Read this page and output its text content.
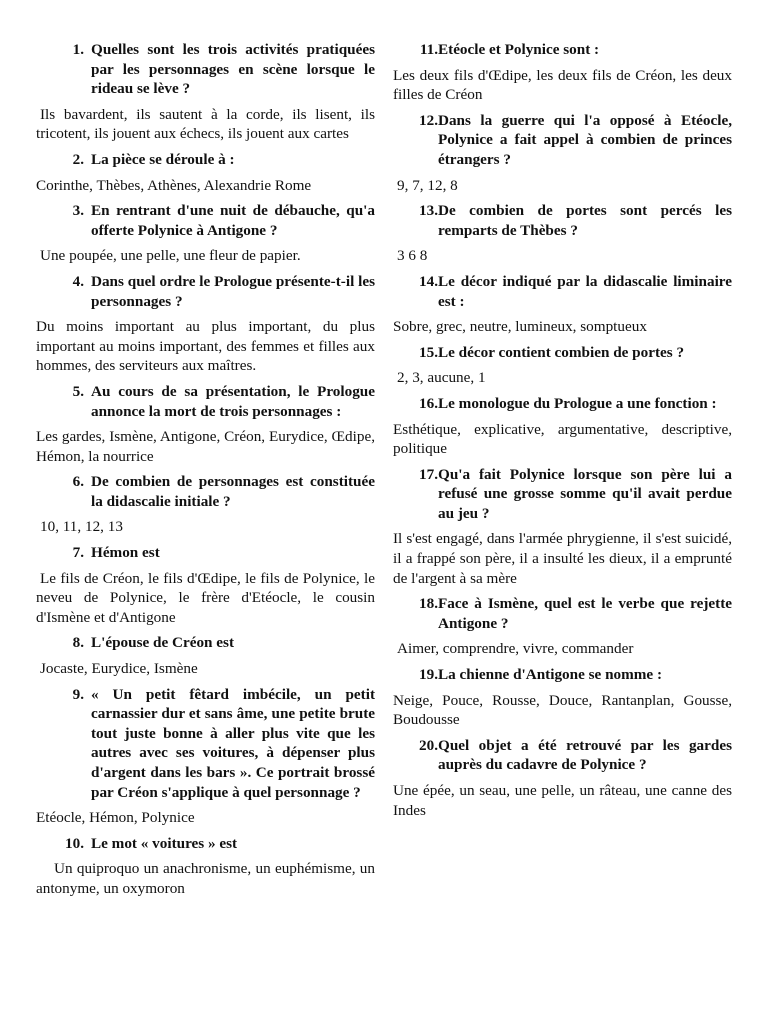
1. Quelles sont les trois activités pratiquées par les personnages en scène lorsque le rideau se lève ?
Ils bavardent, ils sautent à la corde, ils lisent, ils tricotent, ils jouent aux échecs, ils jouent aux cartes
2. La pièce se déroule à :
Corinthe, Thèbes, Athènes, Alexandrie Rome
3. En rentrant d'une nuit de débauche, qu'a offerte Polynice à Antigone ?
Une poupée, une pelle, une fleur de papier.
4. Dans quel ordre le Prologue présente-t-il les personnages ?
Du moins important au plus important, du plus important au moins important, des femmes et filles aux hommes, des serviteurs aux maîtres.
5. Au cours de sa présentation, le Prologue annonce la mort de trois personnages :
Les gardes, Ismène, Antigone, Créon, Eurydice, Œdipe, Hémon, la nourrice
6. De combien de personnages est constituée la didascalie initiale ?
10, 11, 12, 13
7. Hémon est
Le fils de Créon, le fils d'Œdipe, le fils de Polynice, le neveu de Polynice, le frère d'Etéocle, le cousin d'Ismène et d'Antigone
8. L'épouse de Créon est
Jocaste, Eurydice, Ismène
9. « Un petit fêtard imbécile, un petit carnassier dur et sans âme, une petite brute tout juste bonne à aller plus vite que les autres avec ses voitures, à dépenser plus d'argent dans les bars ». Ce portrait brossé par Créon s'applique à quel personnage ?
Etéocle, Hémon, Polynice
10. Le mot « voitures » est
Un quiproquo un anachronisme, un euphémisme, un antonyme, un oxymoron
11. Etéocle et Polynice sont :
Les deux fils d'Œdipe, les deux fils de Créon, les deux filles de Créon
12. Dans la guerre qui l'a opposé à Etéocle, Polynice a fait appel à combien de princes étrangers ?
9, 7, 12, 8
13. De combien de portes sont percés les remparts de Thèbes ?
3 6 8
14. Le décor indiqué par la didascalie liminaire est :
Sobre, grec, neutre, lumineux, somptueux
15. Le décor contient combien de portes ?
2, 3, aucune, 1
16. Le monologue du Prologue a une fonction :
Esthétique, explicative, argumentative, descriptive, politique
17. Qu'a fait Polynice lorsque son père lui a refusé une grosse somme qu'il avait perdue au jeu ?
Il s'est engagé, dans l'armée phrygienne, il s'est suicidé, il a frappé son père, il a insulté les dieux, il a emprunté de l'argent à sa mère
18. Face à Ismène, quel est le verbe que rejette Antigone ?
Aimer, comprendre, vivre, commander
19. La chienne d'Antigone se nomme :
Neige, Pouce, Rousse, Douce, Rantanplan, Gousse, Boudousse
20. Quel objet a été retrouvé par les gardes auprès du cadavre de Polynice ?
Une épée, un seau, une pelle, un râteau, une canne des Indes
